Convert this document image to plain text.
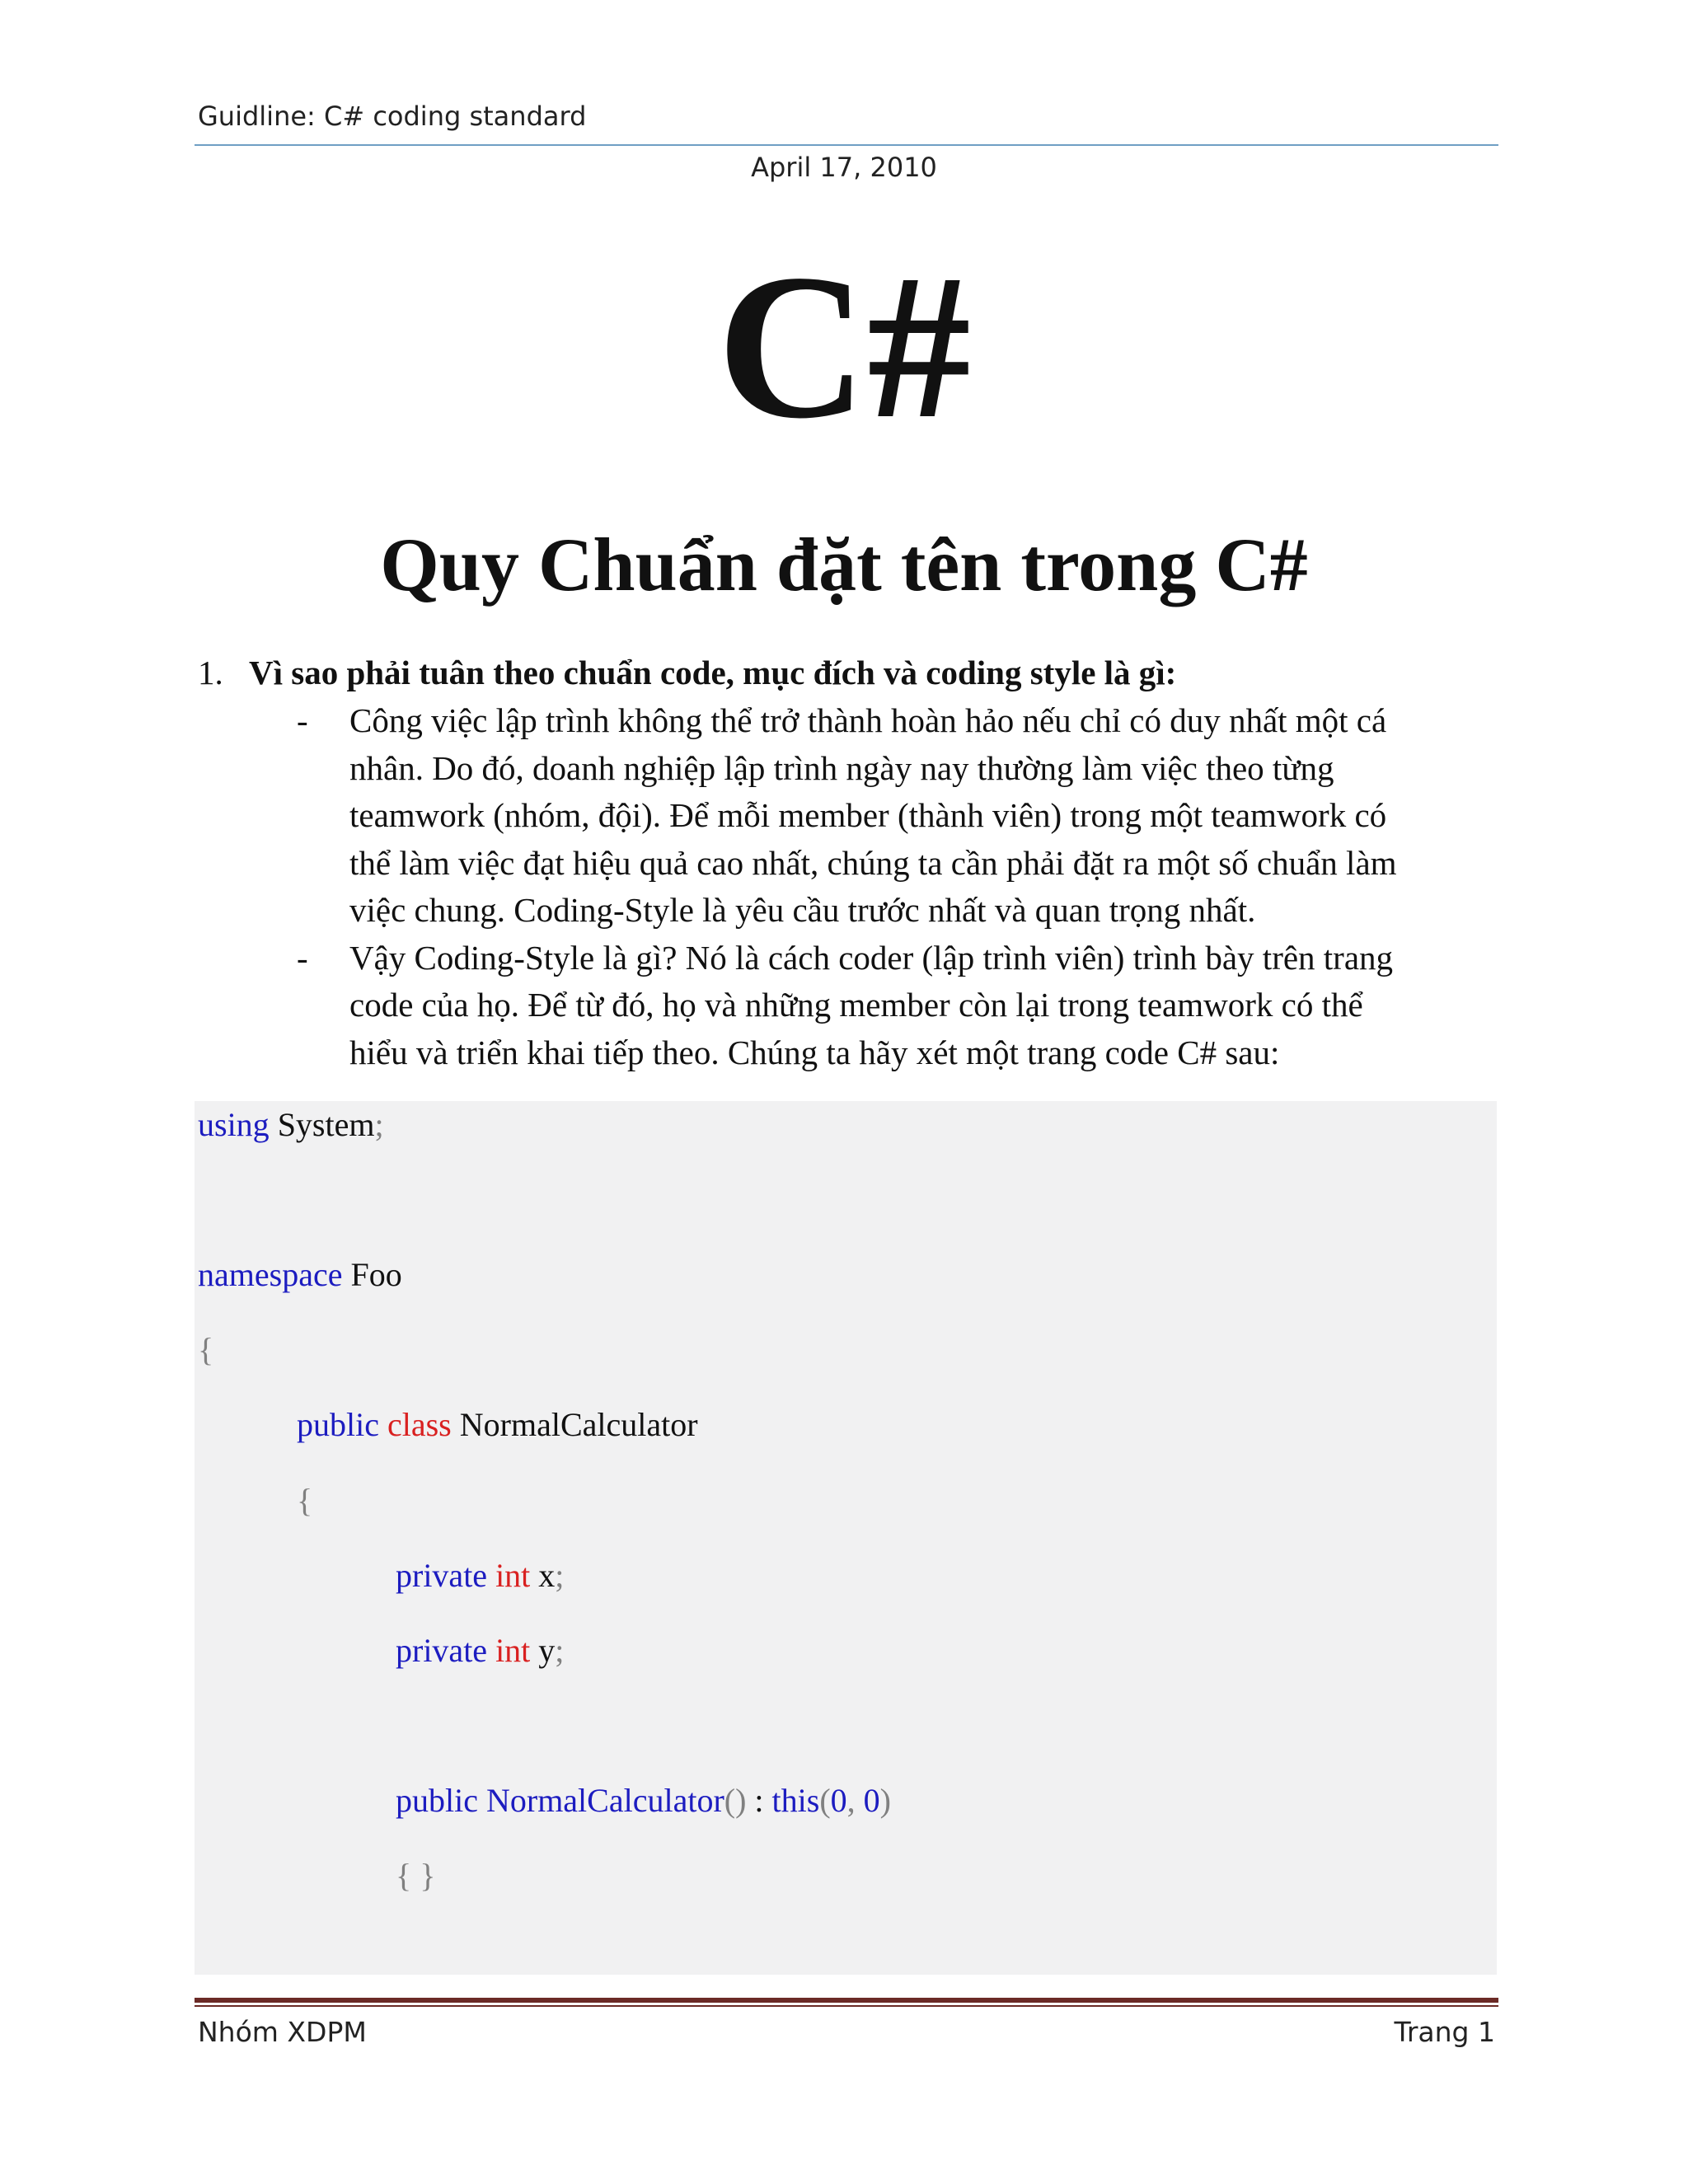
Guidline: C# coding standard
April 17, 2010
C#
Quy Chuẩn đặt tên trong C#
1. Vì sao phải tuân theo chuẩn code, mục đích và coding style là gì:
- Công việc lập trình không thể trở thành hoàn hảo nếu chỉ có duy nhất một cá
nhân. Do đó, doanh nghiệp lập trình ngày nay thường làm việc theo từng
teamwork (nhóm, đội). Để mỗi member (thành viên) trong một teamwork có
thể làm việc đạt hiệu quả cao nhất, chúng ta cần phải đặt ra một số chuẩn làm
việc chung. Coding-Style là yêu cầu trước nhất và quan trọng nhất.
- Vậy Coding-Style là gì? Nó là cách coder (lập trình viên) trình bày trên trang
code của họ. Để từ đó, họ và những member còn lại trong teamwork có thể
hiểu và triển khai tiếp theo. Chúng ta hãy xét một trang code C# sau:
using System;
namespace Foo
{
public class NormalCalculator
{
private int x;
private int y;
public NormalCalculator() : this(0, 0)
{ }
Nhóm XDPM	Trang 1
